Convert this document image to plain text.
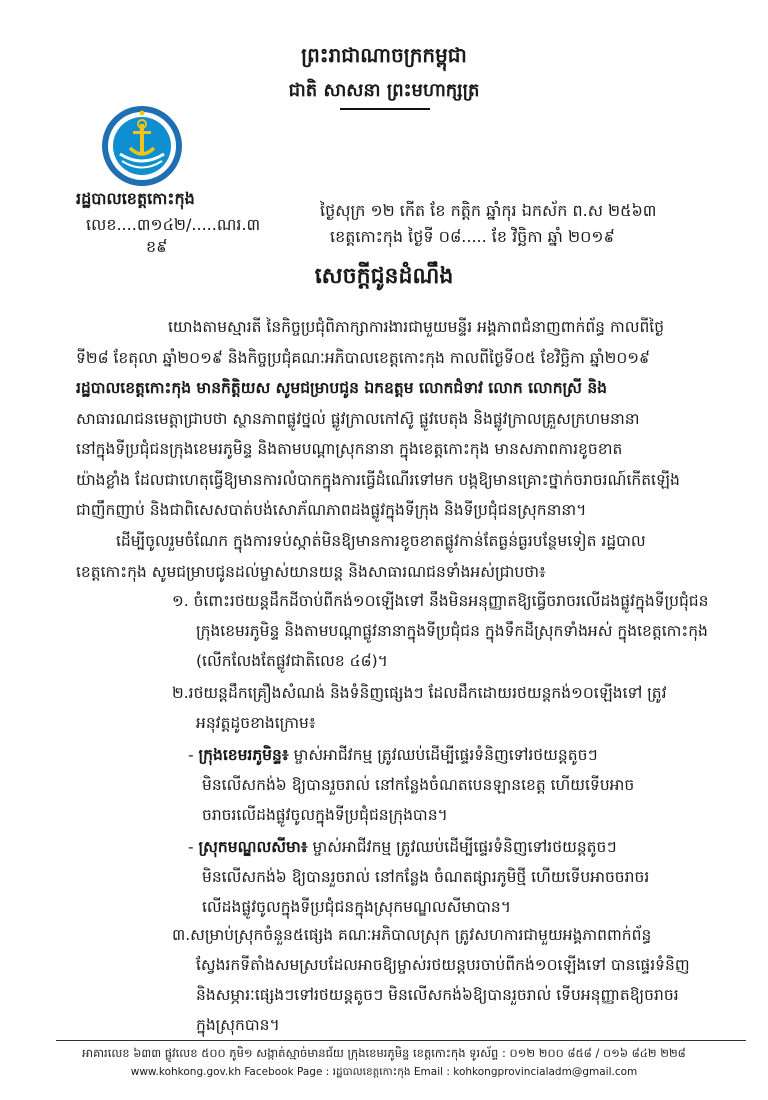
ព្រះរាជាណាចក្រកម្ពុជា
ជាតិ សាសនា ព្រះមហាក្សត្រ
រដ្ឋបាលខេត្តកោះកុង
លេខ....៣១៤២/.....ណរ.៣
ខ៩
ថ្ងៃសុក្រ ១២ កើត ខែ កត្តិក ឆ្នាំកុរ ឯកស័ក ព.ស ២៥៦៣
ខេត្តកោះកុង ថ្ងៃទី ០៨..... ខែ វិច្ឆិកា ឆ្នាំ ២០១៩
សេចក្តីជូនដំណឹង
យោងតាមស្មារតី នៃកិច្ចប្រជុំពិភាក្សាការងារជាមួយមន្ទីរ អង្គភាពជំនាញពាក់ព័ន្ធ កាលពីថ្ងៃ
ទី២៨ ខែតុលា ឆ្នាំ២០១៩ និងកិច្ចប្រជុំគណៈអភិបាលខេត្តកោះកុង កាលពីថ្ងៃទី០៥ ខែវិច្ឆិកា ឆ្នាំ២០១៩
រដ្ឋបាលខេត្តកោះកុង មានកិត្តិយស សូមជម្រាបជូន ឯកឧត្តម លោកជំទាវ លោក លោកស្រី និង
សាធារណជនមេត្តាជ្រាបថា ស្ថានភាពផ្លូវថ្នល់ ផ្លូវក្រាលកៅស៊ូ ផ្លូវបេតុង និងផ្លូវក្រាលគ្រួសក្រហមនានា
នៅក្នុងទីប្រជុំជនក្រុងខេមរភូមិន្ទ និងតាមបណ្តាស្រុកនានា ក្នុងខេត្តកោះកុង មានសភាពការខូចខាត
យ៉ាងខ្លាំង ដែលជាហេតុធ្វើឱ្យមានការលំបាកក្នុងការធ្វើដំណើរទៅមក បង្កឱ្យមានគ្រោះថ្នាក់ចរាចរណ៍កើតឡើង
ជាញឹកញាប់ និងជាពិសេសបាត់បង់សោភ័ណភាពដងផ្លូវក្នុងទីក្រុង និងទីប្រជុំជនស្រុកនានា។
ដើម្បីចូលរួមចំណែក ក្នុងការទប់ស្កាត់មិនឱ្យមានការខូចខាតផ្លូវកាន់តែធ្ងន់ធ្ងរបន្ថែមទៀត រដ្ឋបាល
ខេត្តកោះកុង សូមជម្រាបជូនដល់ម្ចាស់យានយន្ត និងសាធារណជនទាំងអស់ជ្រាបថា៖
១. ចំពោះរថយន្តដឹកដីចាប់ពីកង់១០ឡើងទៅ នឹងមិនអនុញ្ញាតឱ្យធ្វើចរាចរលើដងផ្លូវក្នុងទីប្រជុំជន
ក្រុងខេមរភូមិន្ទ និងតាមបណ្តាផ្លូវនានាក្នុងទីប្រជុំជន ក្នុងទឹកដីស្រុកទាំងអស់ ក្នុងខេត្តកោះកុង
(លើកលែងតែផ្លូវជាតិលេខ ៤៨)។
២.រថយន្តដឹកគ្រឿងសំណង់ និងទំនិញផ្សេងៗ ដែលដឹកដោយរថយន្តកង់១០ឡើងទៅ ត្រូវ
អនុវត្តដូចខាងក្រោម៖
- ក្រុងខេមរភូមិន្ទ៖ ម្ចាស់អាជីវកម្ម ត្រូវឈប់ដើម្បីផ្ទេរទំនិញទៅរថយន្តតូចៗ
មិនលើសកង់៦ ឱ្យបានរួចរាល់ នៅកន្លែងចំណតបេនឡានខេត្ត ហើយទើបអាច
ចរាចរលើដងផ្លូវចូលក្នុងទីប្រជុំជនក្រុងបាន។
- ស្រុកមណ្ឌលសីមា៖ ម្ចាស់អាជីវកម្ម ត្រូវឈប់ដើម្បីផ្ទេរទំនិញទៅរថយន្តតូចៗ
មិនលើសកង់៦ ឱ្យបានរួចរាល់ នៅកន្លែង ចំណតផ្សារភូមិថ្មី ហើយទើបអាចចរាចរ
លើដងផ្លូវចូលក្នុងទីប្រជុំជនក្នុងស្រុកមណ្ឌលសីមាបាន។
៣.សម្រាប់ស្រុកចំនួន៥ផ្សេង គណៈអភិបាលស្រុក ត្រូវសហការជាមួយអង្គភាពពាក់ព័ន្ធ
ស្វែងរកទីតាំងសមស្របដែលអាចឱ្យម្ចាស់រថយន្តបរចាប់ពីកង់១០ឡើងទៅ បានផ្ទេរទំនិញ
និងសម្ភារៈផ្សេងៗទៅរថយន្តតូចៗ មិនលើសកង់៦ឱ្យបានរួចរាល់ ទើបអនុញ្ញាតឱ្យចរាចរ
ក្នុងស្រុកបាន។
អាគារលេខ ៦៣៣ ផ្លូវលេខ ៥០០ ភូមិ១ សង្កាត់ស្មាច់មានជ័យ ក្រុងខេមរភូមិន្ទ ខេត្តកោះកុង ទូរស័ព្ទ : ០១២ ២០០ ៨៥៨ / ០១៦ ៨៤២ ២២៨
www.kohkong.gov.kh Facebook Page : រដ្ឋបាលខេត្តកោះកុង Email : kohkongprovincialadm@gmail.com
